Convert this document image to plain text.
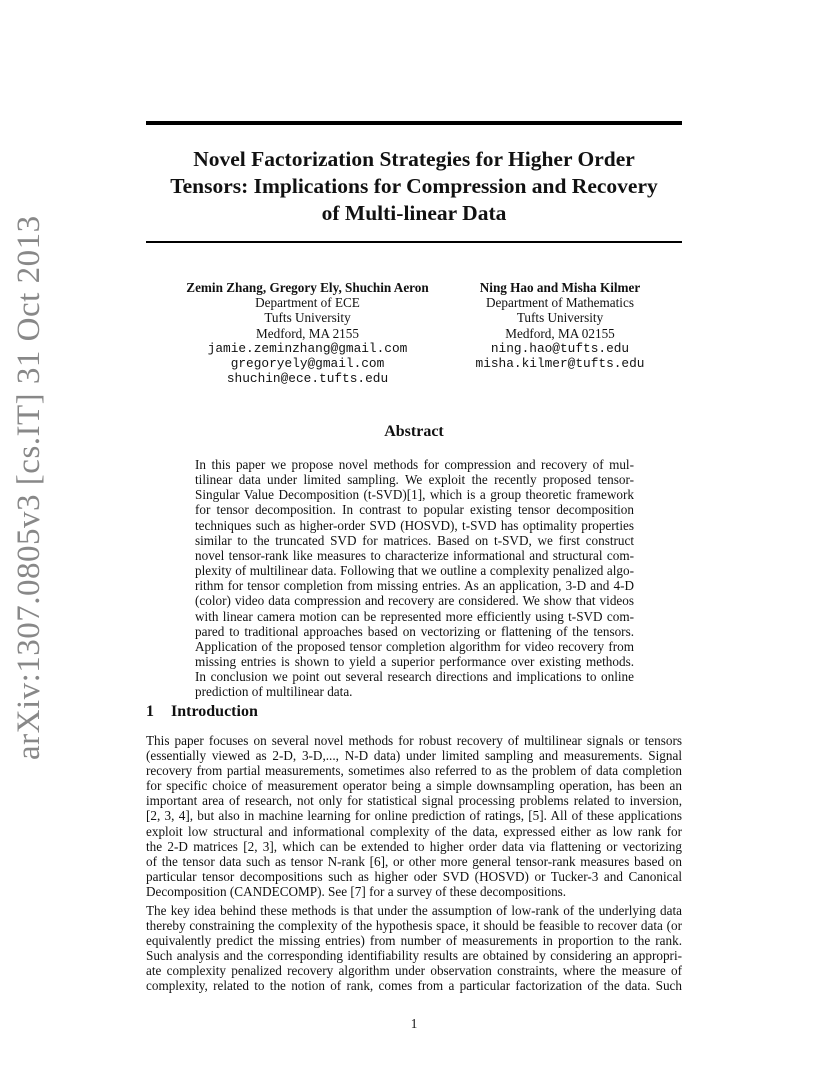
Novel Factorization Strategies for Higher Order
Tensors: Implications for Compression and Recovery
of Multi-linear Data
arXiv:1307.0805v3 [cs.IT] 31 Oct 2013	Zemin Zhang, Gregory Ely, Shuchin Aeron
Department of ECE
Tufts University
Medford, MA 2155
jamie.zeminzhang@gmail.com
gregoryely@gmail.com
shuchin@ece.tufts.edu
Ning Hao and Misha Kilmer
Department of Mathematics
Tufts University
Medford, MA 02155
ning.hao@tufts.edu
misha.kilmer@tufts.edu
Abstract
In this paper we propose novel methods for compression and recovery of mul-
tilinear data under limited sampling. We exploit the recently proposed tensor-
Singular Value Decomposition (t-SVD)[1], which is a group theoretic framework
for tensor decomposition. In contrast to popular existing tensor decomposition
techniques such as higher-order SVD (HOSVD), t-SVD has optimality properties
similar to the truncated SVD for matrices. Based on t-SVD, we first construct
novel tensor-rank like measures to characterize informational and structural com-
plexity of multilinear data. Following that we outline a complexity penalized algo-
rithm for tensor completion from missing entries. As an application, 3-D and 4-D
(color) video data compression and recovery are considered. We show that videos
with linear camera motion can be represented more efficiently using t-SVD com-
pared to traditional approaches based on vectorizing or flattening of the tensors.
Application of the proposed tensor completion algorithm for video recovery from
missing entries is shown to yield a superior performance over existing methods.
In conclusion we point out several research directions and implications to online
prediction of multilinear data.
1 Introduction
This paper focuses on several novel methods for robust recovery of multilinear signals or tensors
(essentially viewed as 2-D, 3-D,..., N-D data) under limited sampling and measurements. Signal
recovery from partial measurements, sometimes also referred to as the problem of data completion
for specific choice of measurement operator being a simple downsampling operation, has been an
important area of research, not only for statistical signal processing problems related to inversion,
[2, 3, 4], but also in machine learning for online prediction of ratings, [5]. All of these applications
exploit low structural and informational complexity of the data, expressed either as low rank for
the 2-D matrices [2, 3], which can be extended to higher order data via flattening or vectorizing
of the tensor data such as tensor N-rank [6], or other more general tensor-rank measures based on
particular tensor decompositions such as higher oder SVD (HOSVD) or Tucker-3 and Canonical
Decomposition (CANDECOMP). See [7] for a survey of these decompositions.
The key idea behind these methods is that under the assumption of low-rank of the underlying data
thereby constraining the complexity of the hypothesis space, it should be feasible to recover data (or
equivalently predict the missing entries) from number of measurements in proportion to the rank.
Such analysis and the corresponding identifiability results are obtained by considering an appropri-
ate complexity penalized recovery algorithm under observation constraints, where the measure of
complexity, related to the notion of rank, comes from a particular factorization of the data. Such
1
